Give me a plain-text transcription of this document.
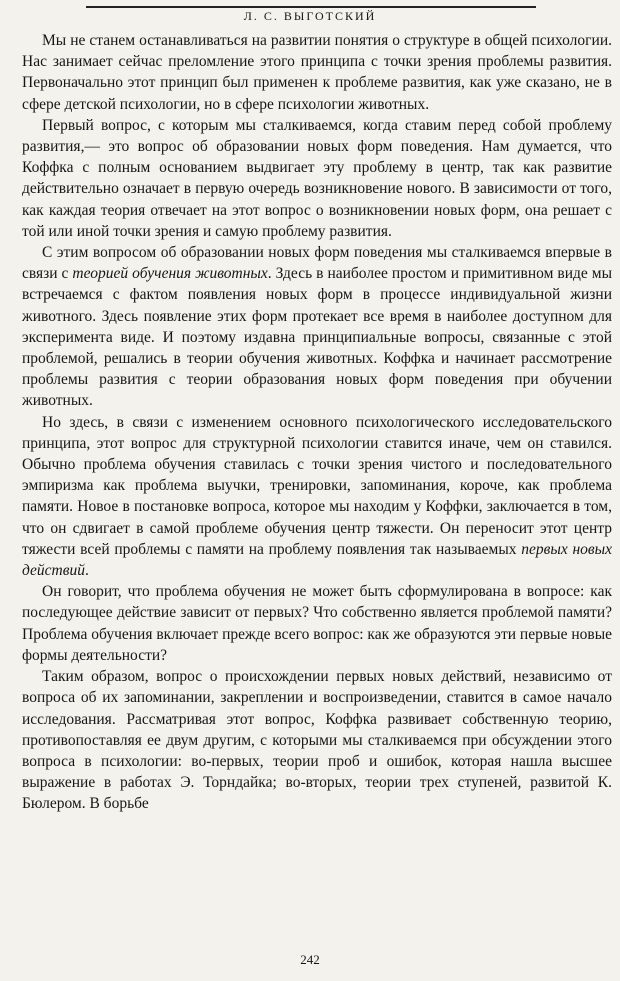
Л. С. ВЫГОТСКИЙ

Мы не станем останавливаться на развитии понятия о структуре в общей психологии. Нас занимает сейчас преломление этого принципа с точки зрения проблемы развития. Первоначально этот принцип был применен к проблеме развития, как уже сказано, не в сфере детской психологии, но в сфере психологии животных.

Первый вопрос, с которым мы сталкиваемся, когда ставим перед собой проблему развития,— это вопрос об образовании новых форм поведения. Нам думается, что Коффка с полным основанием выдвигает эту проблему в центр, так как развитие действительно означает в первую очередь возникновение нового. В зависимости от того, как каждая теория отвечает на этот вопрос о возникновении новых форм, она решает с той или иной точки зрения и самую проблему развития.

С этим вопросом об образовании новых форм поведения мы сталкиваемся впервые в связи с теорией обучения животных. Здесь в наиболее простом и примитивном виде мы встречаемся с фактом появления новых форм в процессе индивидуальной жизни животного. Здесь появление этих форм протекает все время в наиболее доступном для эксперимента виде. И поэтому издавна принципиальные вопросы, связанные с этой проблемой, решались в теории обучения животных. Коффка и начинает рассмотрение проблемы развития с теории образования новых форм поведения при обучении животных.

Но здесь, в связи с изменением основного психологического исследовательского принципа, этот вопрос для структурной психологии ставится иначе, чем он ставился. Обычно проблема обучения ставилась с точки зрения чистого и последовательного эмпиризма как проблема выучки, тренировки, запоминания, короче, как проблема памяти. Новое в постановке вопроса, которое мы находим у Коффки, заключается в том, что он сдвигает в самой проблеме обучения центр тяжести. Он переносит этот центр тяжести всей проблемы с памяти на проблему появления так называемых первых новых действий.

Он говорит, что проблема обучения не может быть сформулирована в вопросе: как последующее действие зависит от первых? Что собственно является проблемой памяти? Проблема обучения включает прежде всего вопрос: как же образуются эти первые новые формы деятельности?

Таким образом, вопрос о происхождении первых новых действий, независимо от вопроса об их запоминании, закреплении и воспроизведении, ставится в самое начало исследования. Рассматривая этот вопрос, Коффка развивает собственную теорию, противопоставляя ее двум другим, с которыми мы сталкиваемся при обсуждении этого вопроса в психологии: во-первых, теории проб и ошибок, которая нашла высшее выражение в работах Э. Торндайка; во-вторых, теории трех ступеней, развитой К. Бюлером. В борьбе

242
